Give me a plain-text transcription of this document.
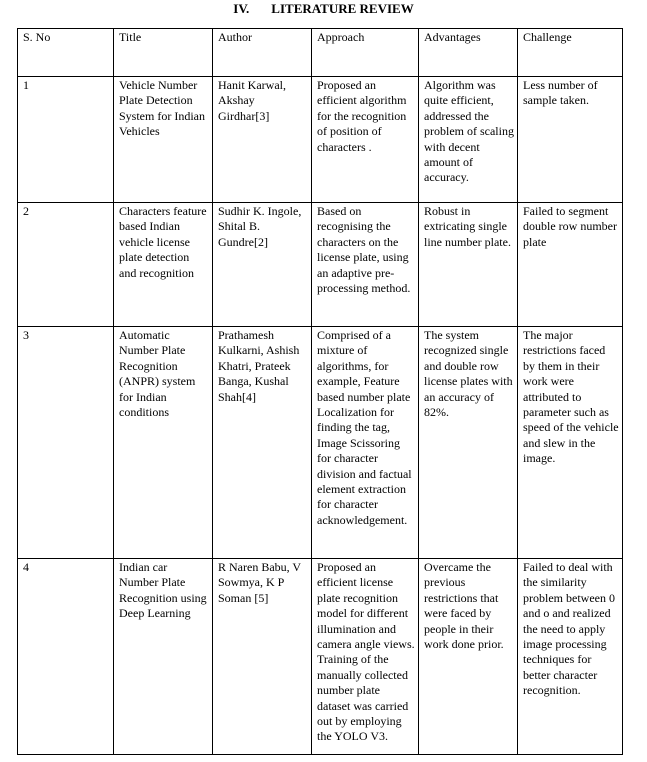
IV. LITERATURE REVIEW
S. No	Title	Author	Approach	Advantages	Challenge
1	Vehicle Number Plate Detection System for Indian Vehicles	Hanit Karwal, Akshay Girdhar[3]	Proposed an efficient algorithm for the recognition of position of characters .	Algorithm was quite efficient, addressed the problem of scaling with decent amount of accuracy.	Less number of sample taken.
2	Characters feature based Indian vehicle license plate detection and recognition	Sudhir K. Ingole, Shital B. Gundre[2]	Based on recognising the characters on the license plate, using an adaptive pre-processing method.	Robust in extricating single line number plate.	Failed to segment double row number plate
3	Automatic Number Plate Recognition (ANPR) system for Indian conditions	Prathamesh Kulkarni, Ashish Khatri, Prateek Banga, Kushal Shah[4]	Comprised of a mixture of algorithms, for example, Feature based number plate Localization for finding the tag, Image Scissoring for character division and factual element extraction for character acknowledgement.	The system recognized single and double row license plates with an accuracy of 82%.	The major restrictions faced by them in their work were attributed to parameter such as speed of the vehicle and slew in the image.
4	Indian car Number Plate Recognition using Deep Learning	R Naren Babu, V Sowmya, K P Soman [5]	Proposed an efficient license plate recognition model for different illumination and camera angle views. Training of the manually collected number plate dataset was carried out by employing the YOLO V3.	Overcame the previous restrictions that were faced by people in their work done prior.	Failed to deal with the similarity problem between 0 and o and realized the need to apply image processing techniques for better character recognition.
